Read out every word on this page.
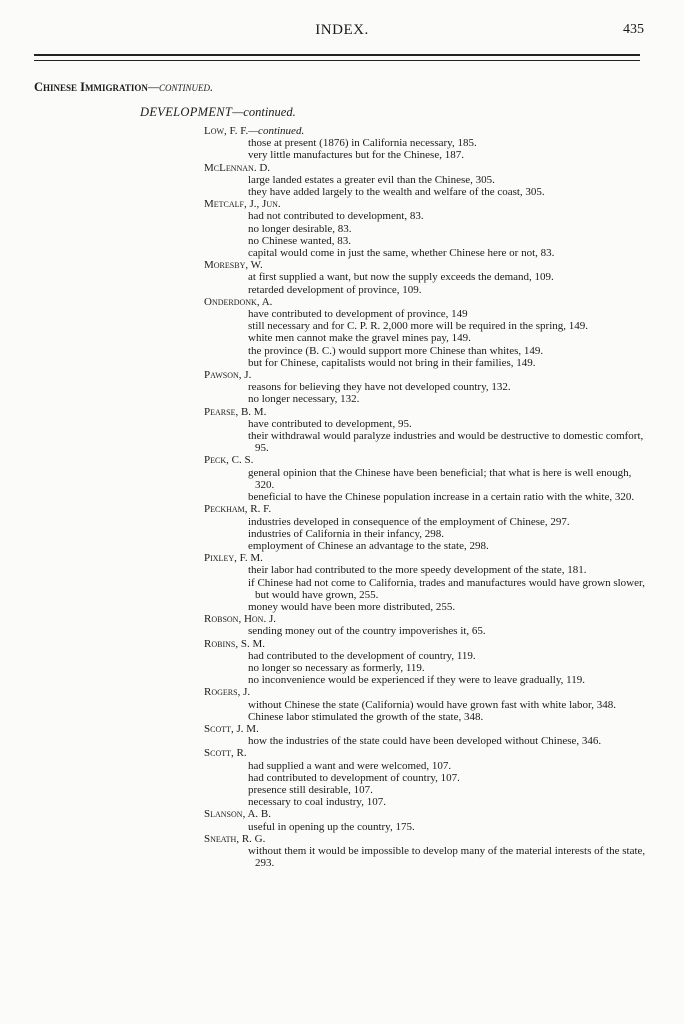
INDEX.	435
Chinese Immigration—continued.
DEVELOPMENT—continued.
Low, F. F.—continued.
those at present (1876) in California necessary, 185.
very little manufactures but for the Chinese, 187.
McLennan. D.
large landed estates a greater evil than the Chinese, 305.
they have added largely to the wealth and welfare of the coast, 305.
Metcalf, J., Jun.
had not contributed to development, 83.
no longer desirable, 83.
no Chinese wanted, 83.
capital would come in just the same, whether Chinese here or not, 83.
Moresby, W.
at first supplied a want, but now the supply exceeds the demand, 109.
retarded development of province, 109.
Onderdonk, A.
have contributed to development of province, 149
still necessary and for C. P. R. 2,000 more will be required in the spring, 149.
white men cannot make the gravel mines pay, 149.
the province (B. C.) would support more Chinese than whites, 149.
but for Chinese, capitalists would not bring in their families, 149.
Pawson, J.
reasons for believing they have not developed country, 132.
no longer necessary, 132.
Pearse, B. M.
have contributed to development, 95.
their withdrawal would paralyze industries and would be destructive to domestic comfort, 95.
Peck, C. S.
general opinion that the Chinese have been beneficial; that what is here is well enough, 320.
beneficial to have the Chinese population increase in a certain ratio with the white, 320.
Peckham, R. F.
industries developed in consequence of the employment of Chinese, 297.
industries of California in their infancy, 298.
employment of Chinese an advantage to the state, 298.
Pixley, F. M.
their labor had contributed to the more speedy development of the state, 181.
if Chinese had not come to California, trades and manufactures would have grown slower, but would have grown, 255.
money would have been more distributed, 255.
Robson, Hon. J.
sending money out of the country impoverishes it, 65.
Robins, S. M.
had contributed to the development of country, 119.
no longer so necessary as formerly, 119.
no inconvenience would be experienced if they were to leave gradually, 119.
Rogers, J.
without Chinese the state (California) would have grown fast with white labor, 348.
Chinese labor stimulated the growth of the state, 348.
Scott, J. M.
how the industries of the state could have been developed without Chinese, 346.
Scott, R.
had supplied a want and were welcomed, 107.
had contributed to development of country, 107.
presence still desirable, 107.
necessary to coal industry, 107.
Slanson, A. B.
useful in opening up the country, 175.
Sneath, R. G.
without them it would be impossible to develop many of the material interests of the state, 293.
